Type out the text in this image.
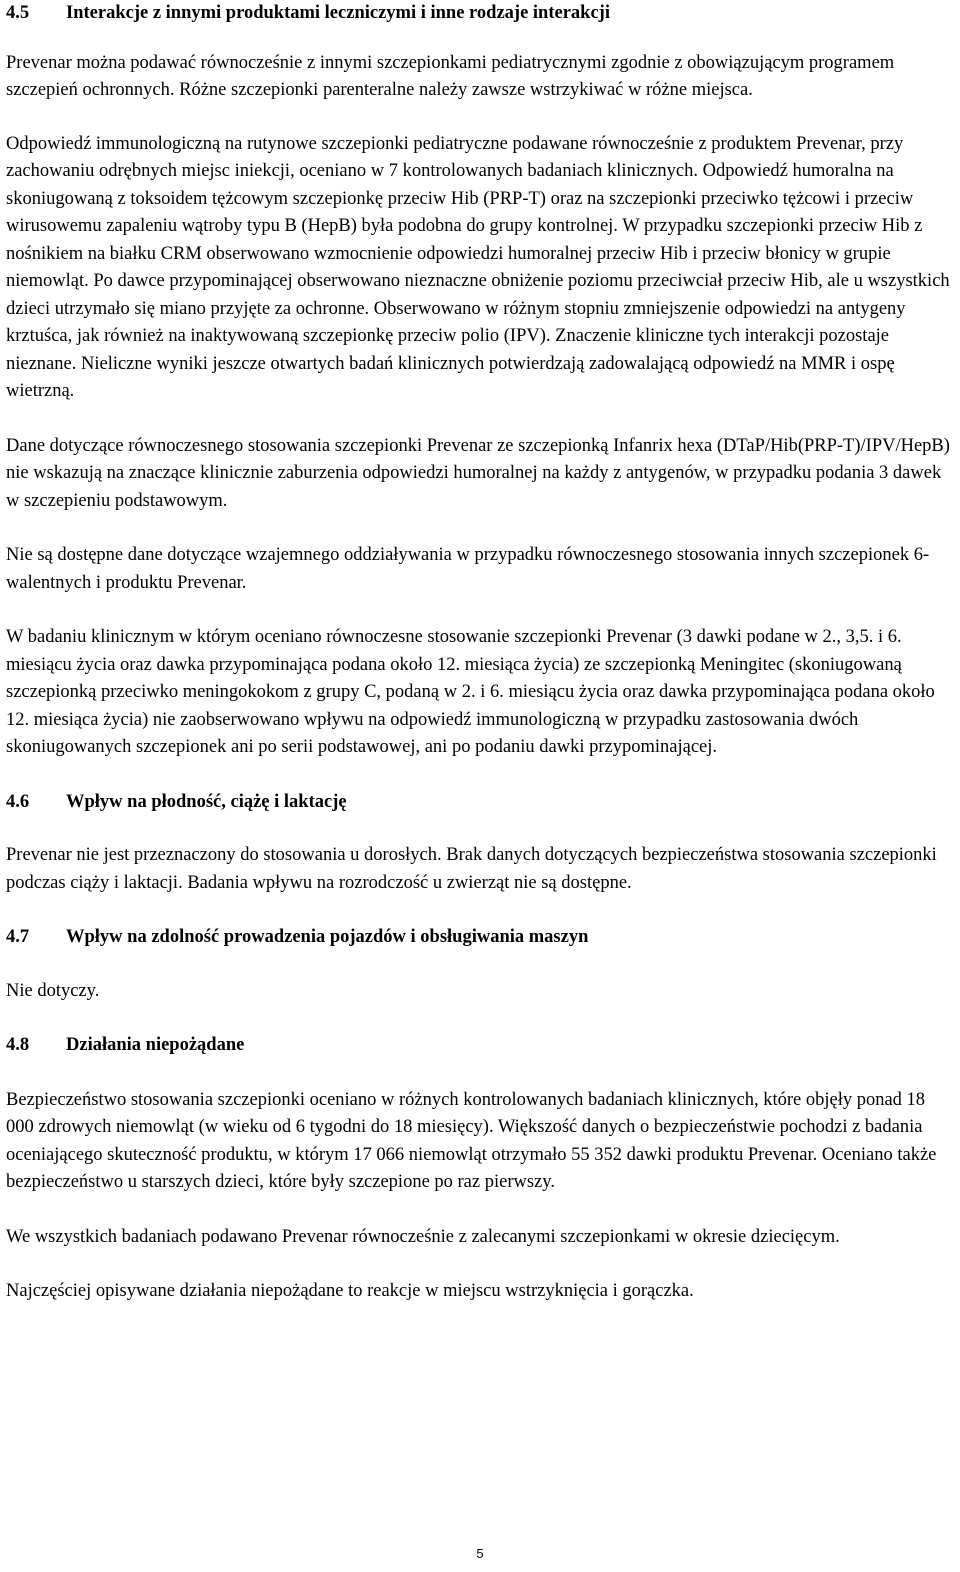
4.5	Interakcje z innymi produktami leczniczymi i inne rodzaje interakcji

Prevenar można podawać równocześnie z innymi szczepionkami pediatrycznymi zgodnie z obowiązującym programem szczepień ochronnych. Różne szczepionki parenteralne należy zawsze wstrzykiwać w różne miejsca.

Odpowiedź immunologiczną na rutynowe szczepionki pediatryczne podawane równocześnie z produktem Prevenar, przy zachowaniu odrębnych miejsc iniekcji, oceniano w 7 kontrolowanych badaniach klinicznych. Odpowiedź humoralna na skoniugowaną z toksoidem tężcowym szczepionkę przeciw Hib (PRP-T) oraz na szczepionki przeciwko tężcowi i przeciw wirusowemu zapaleniu wątroby typu B (HepB) była podobna do grupy kontrolnej. W przypadku szczepionki przeciw Hib z nośnikiem na białku CRM obserwowano wzmocnienie odpowiedzi humoralnej przeciw Hib i przeciw błonicy w grupie niemowląt. Po dawce przypominającej obserwowano nieznaczne obniżenie poziomu przeciwciał przeciw Hib, ale u wszystkich dzieci utrzymało się miano przyjęte za ochronne. Obserwowano w różnym stopniu zmniejszenie odpowiedzi na antygeny krztuśca, jak również na inaktywowaną szczepionkę przeciw polio (IPV). Znaczenie kliniczne tych interakcji pozostaje nieznane. Nieliczne wyniki jeszcze otwartych badań klinicznych potwierdzają zadowalającą odpowiedź na MMR i ospę wietrzną.

Dane dotyczące równoczesnego stosowania szczepionki Prevenar ze szczepionką Infanrix hexa (DTaP/Hib(PRP-T)/IPV/HepB) nie wskazują na znaczące klinicznie zaburzenia odpowiedzi humoralnej na każdy z antygenów, w przypadku podania 3 dawek w szczepieniu podstawowym.

Nie są dostępne dane dotyczące wzajemnego oddziaływania w przypadku równoczesnego stosowania innych szczepionek 6-walentnych i produktu Prevenar.

W badaniu klinicznym w którym oceniano równoczesne stosowanie szczepionki Prevenar (3 dawki podane w 2., 3,5. i 6. miesiącu życia oraz dawka przypominająca podana około 12. miesiąca życia) ze szczepionką Meningitec (skoniugowaną szczepionką przeciwko meningokokom z grupy C, podaną w 2. i 6. miesiącu życia oraz dawka przypominająca podana około 12. miesiąca życia) nie zaobserwowano wpływu na odpowiedź immunologiczną w przypadku zastosowania dwóch skoniugowanych szczepionek ani po serii podstawowej, ani po podaniu dawki przypominającej.

4.6	Wpływ na płodność, ciążę i laktację

Prevenar nie jest przeznaczony do stosowania u dorosłych. Brak danych dotyczących bezpieczeństwa stosowania szczepionki podczas ciąży i laktacji. Badania wpływu na rozrodczość u zwierząt nie są dostępne.

4.7	Wpływ na zdolność prowadzenia pojazdów i obsługiwania maszyn

Nie dotyczy.

4.8	Działania niepożądane

Bezpieczeństwo stosowania szczepionki oceniano w różnych kontrolowanych badaniach klinicznych, które objęły ponad 18 000 zdrowych niemowląt (w wieku od 6 tygodni do 18 miesięcy). Większość danych o bezpieczeństwie pochodzi z badania oceniającego skuteczność produktu, w którym 17 066 niemowląt otrzymało 55 352 dawki produktu Prevenar. Oceniano także bezpieczeństwo u starszych dzieci, które były szczepione po raz pierwszy.

We wszystkich badaniach podawano Prevenar równocześnie z zalecanymi szczepionkami w okresie dziecięcym.

Najczęściej opisywane działania niepożądane to reakcje w miejscu wstrzyknięcia i gorączka.

5
